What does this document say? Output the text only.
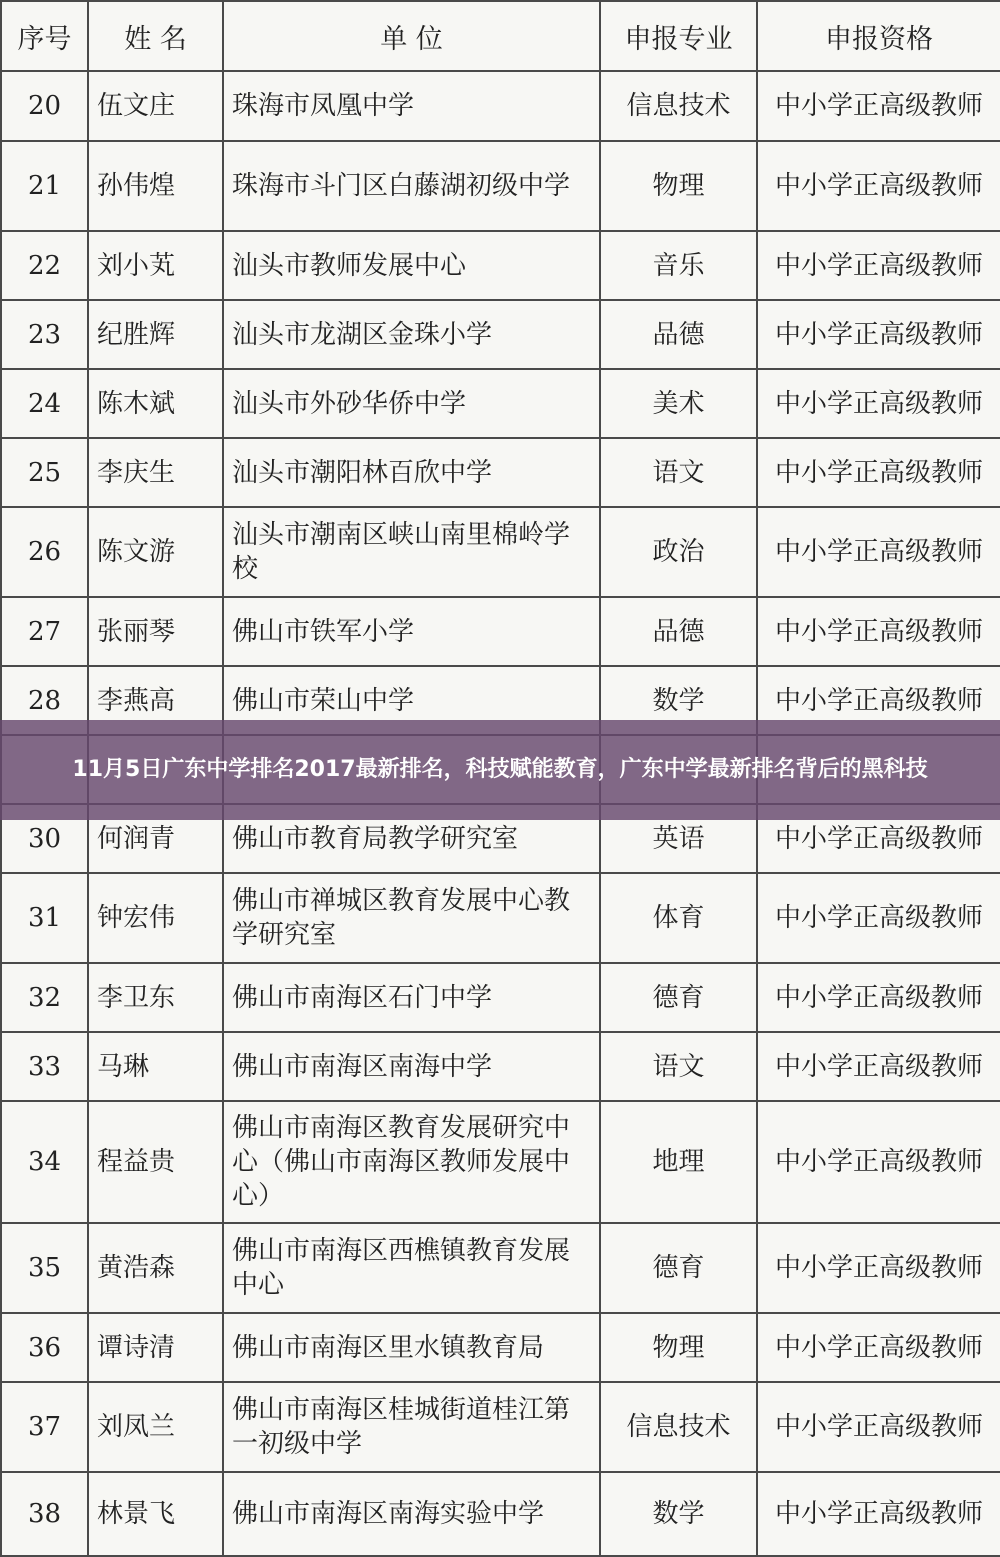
序号	姓 名	单 位	申报专业	申报资格
20	伍文庄	珠海市凤凰中学	信息技术	中小学正高级教师
21	孙伟煌	珠海市斗门区白藤湖初级中学	物理	中小学正高级教师
22	刘小芄	汕头市教师发展中心	音乐	中小学正高级教师
23	纪胜辉	汕头市龙湖区金珠小学	品德	中小学正高级教师
24	陈木斌	汕头市外砂华侨中学	美术	中小学正高级教师
25	李庆生	汕头市潮阳林百欣中学	语文	中小学正高级教师
26	陈文游	汕头市潮南区峡山南里棉岭学校	政治	中小学正高级教师
27	张丽琴	佛山市铁军小学	品德	中小学正高级教师
28	李燕高	佛山市荣山中学	数学	中小学正高级教师

30	何润青	佛山市教育局教学研究室	英语	中小学正高级教师
31	钟宏伟	佛山市禅城区教育发展中心教学研究室	体育	中小学正高级教师
32	李卫东	佛山市南海区石门中学	德育	中小学正高级教师
33	马琳	佛山市南海区南海中学	语文	中小学正高级教师
34	程益贵	佛山市南海区教育发展研究中心（佛山市南海区教师发展中心）	地理	中小学正高级教师
35	黄浩森	佛山市南海区西樵镇教育发展中心	德育	中小学正高级教师
36	谭诗清	佛山市南海区里水镇教育局	物理	中小学正高级教师
37	刘凤兰	佛山市南海区桂城街道桂江第一初级中学	信息技术	中小学正高级教师
38	林景飞	佛山市南海区南海实验中学	数学	中小学正高级教师
11月5日广东中学排名2017最新排名，科技赋能教育，广东中学最新排名背后的黑科技
